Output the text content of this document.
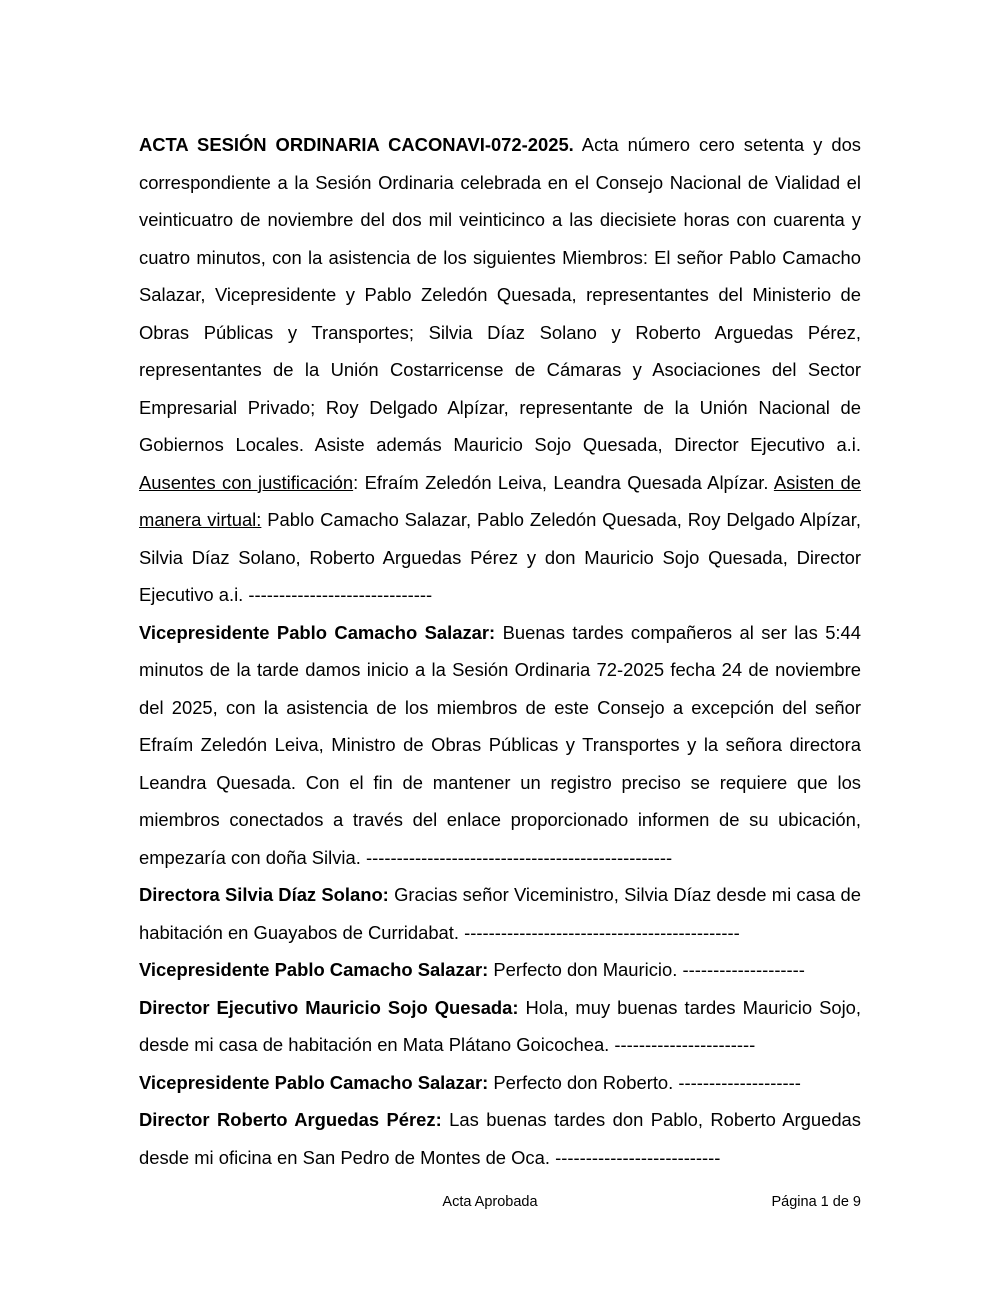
ACTA SESIÓN ORDINARIA CACONAVI-072-2025. Acta número cero setenta y dos correspondiente a la Sesión Ordinaria celebrada en el Consejo Nacional de Vialidad el veinticuatro de noviembre del dos mil veinticinco a las diecisiete horas con cuarenta y cuatro minutos, con la asistencia de los siguientes Miembros: El señor Pablo Camacho Salazar, Vicepresidente y Pablo Zeledón Quesada, representantes del Ministerio de Obras Públicas y Transportes; Silvia Díaz Solano y Roberto Arguedas Pérez, representantes de la Unión Costarricense de Cámaras y Asociaciones del Sector Empresarial Privado; Roy Delgado Alpízar, representante de la Unión Nacional de Gobiernos Locales. Asiste además Mauricio Sojo Quesada, Director Ejecutivo a.i. Ausentes con justificación: Efraím Zeledón Leiva, Leandra Quesada Alpízar. Asisten de manera virtual: Pablo Camacho Salazar, Pablo Zeledón Quesada, Roy Delgado Alpízar, Silvia Díaz Solano, Roberto Arguedas Pérez y don Mauricio Sojo Quesada, Director Ejecutivo a.i. ------------------------------

Vicepresidente Pablo Camacho Salazar: Buenas tardes compañeros al ser las 5:44 minutos de la tarde damos inicio a la Sesión Ordinaria 72-2025 fecha 24 de noviembre del 2025, con la asistencia de los miembros de este Consejo a excepción del señor Efraím Zeledón Leiva, Ministro de Obras Públicas y Transportes y la señora directora Leandra Quesada. Con el fin de mantener un registro preciso se requiere que los miembros conectados a través del enlace proporcionado informen de su ubicación, empezaría con doña Silvia. --------------------------------------------------

Directora Silvia Díaz Solano: Gracias señor Viceministro, Silvia Díaz desde mi casa de habitación en Guayabos de Curridabat. ---------------------------------------------

Vicepresidente Pablo Camacho Salazar: Perfecto don Mauricio. --------------------

Director Ejecutivo Mauricio Sojo Quesada: Hola, muy buenas tardes Mauricio Sojo, desde mi casa de habitación en Mata Plátano Goicochea. -----------------------

Vicepresidente Pablo Camacho Salazar: Perfecto don Roberto. --------------------

Director Roberto Arguedas Pérez: Las buenas tardes don Pablo, Roberto Arguedas desde mi oficina en San Pedro de Montes de Oca. ---------------------------

Acta Aprobada	Página 1 de 9
